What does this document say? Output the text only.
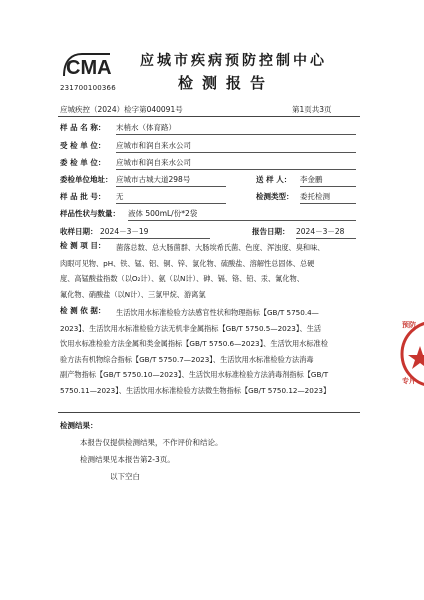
CMA
231700100366
应城市疾病预防控制中心
检测报告
应城疾控（2024）检字第040091号	第1页共3页
样 品 名 称： 末梢水（体育路）
受 检 单 位： 应城市和润自来水公司
委 检 单 位： 应城市和润自来水公司
委检单位地址： 应城市古城大道298号	送 样 人： 李金鹏
样 品 批 号： 无	检测类型： 委托检测
样品性状与数量： 液体 500mL/份*2袋
收样日期： 2024－3－19	报告日期： 2024－3－28
检 测 项 目：	菌落总数、总大肠菌群、大肠埃希氏菌、色度、浑浊度、臭和味、
肉眼可见物、pH、铁、锰、铝、铜、锌、氯化物、硫酸盐、溶解性总固体、总硬
度、高锰酸盐指数（以O₂计）、氨（以N计）、砷、镉、铬、铅、汞、氰化物、
氟化物、硝酸盐（以N计）、三氯甲烷、游离氯
检 测 依 据：	生活饮用水标准检验方法感官性状和物理指标【GB/T 5750.4—
2023】、生活饮用水标准检验方法无机非金属指标【GB/T 5750.5—2023】、生活
饮用水标准检验方法金属和类金属指标【GB/T 5750.6—2023】、生活饮用水标准检
验方法有机物综合指标【GB/T 5750.7—2023】、生活饮用水标准检验方法消毒
副产物指标【GB/T 5750.10—2023】、生活饮用水标准检验方法消毒剂指标【GB/T
5750.11—2023】、生活饮用水标准检验方法微生物指标【GB/T 5750.12—2023】
检测结果：
本报告仅提供检测结果，不作评价和结论。
检测结果见本报告第2-3页。
以下空白
预防
专片
